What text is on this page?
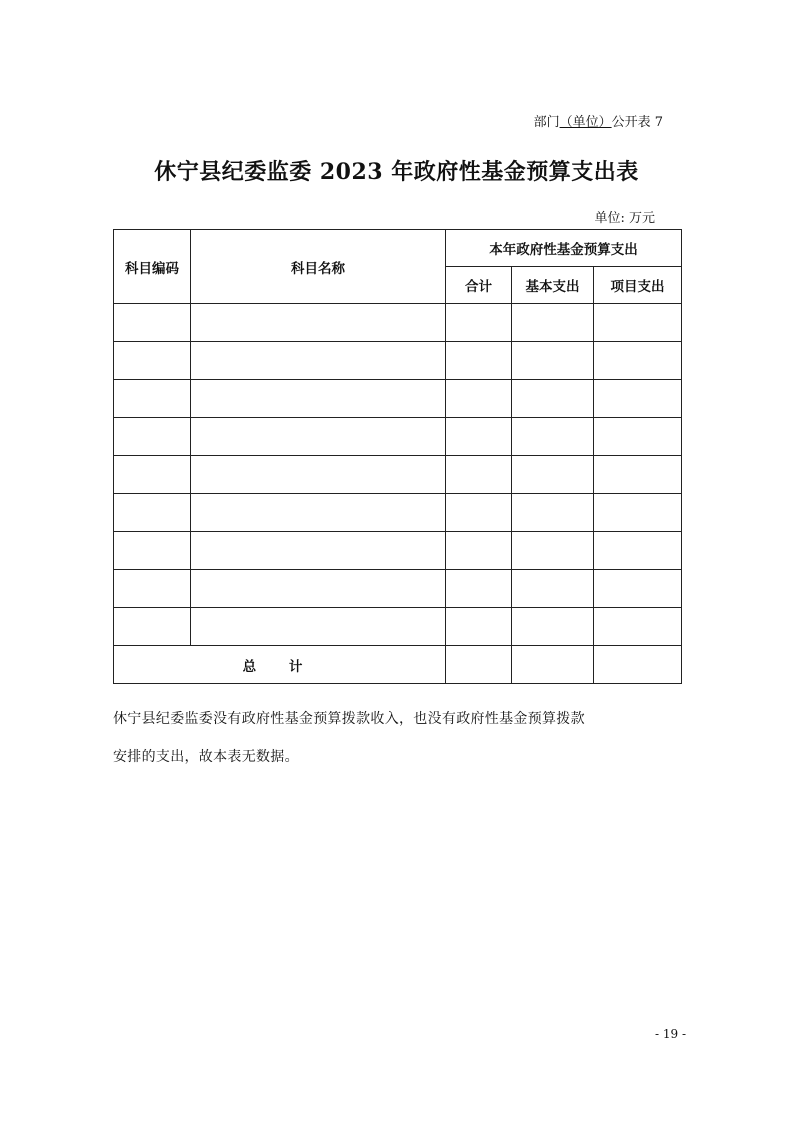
部门（单位）公开表 7
休宁县纪委监委 2023 年政府性基金预算支出表
单位: 万元
科目编码	科目名称	本年政府性基金预算支出		
		合计	基本支出	项目支出

总 计				
休宁县纪委监委没有政府性基金预算拨款收入，也没有政府性基金预算拨款
安排的支出，故本表无数据。
- 19 -
